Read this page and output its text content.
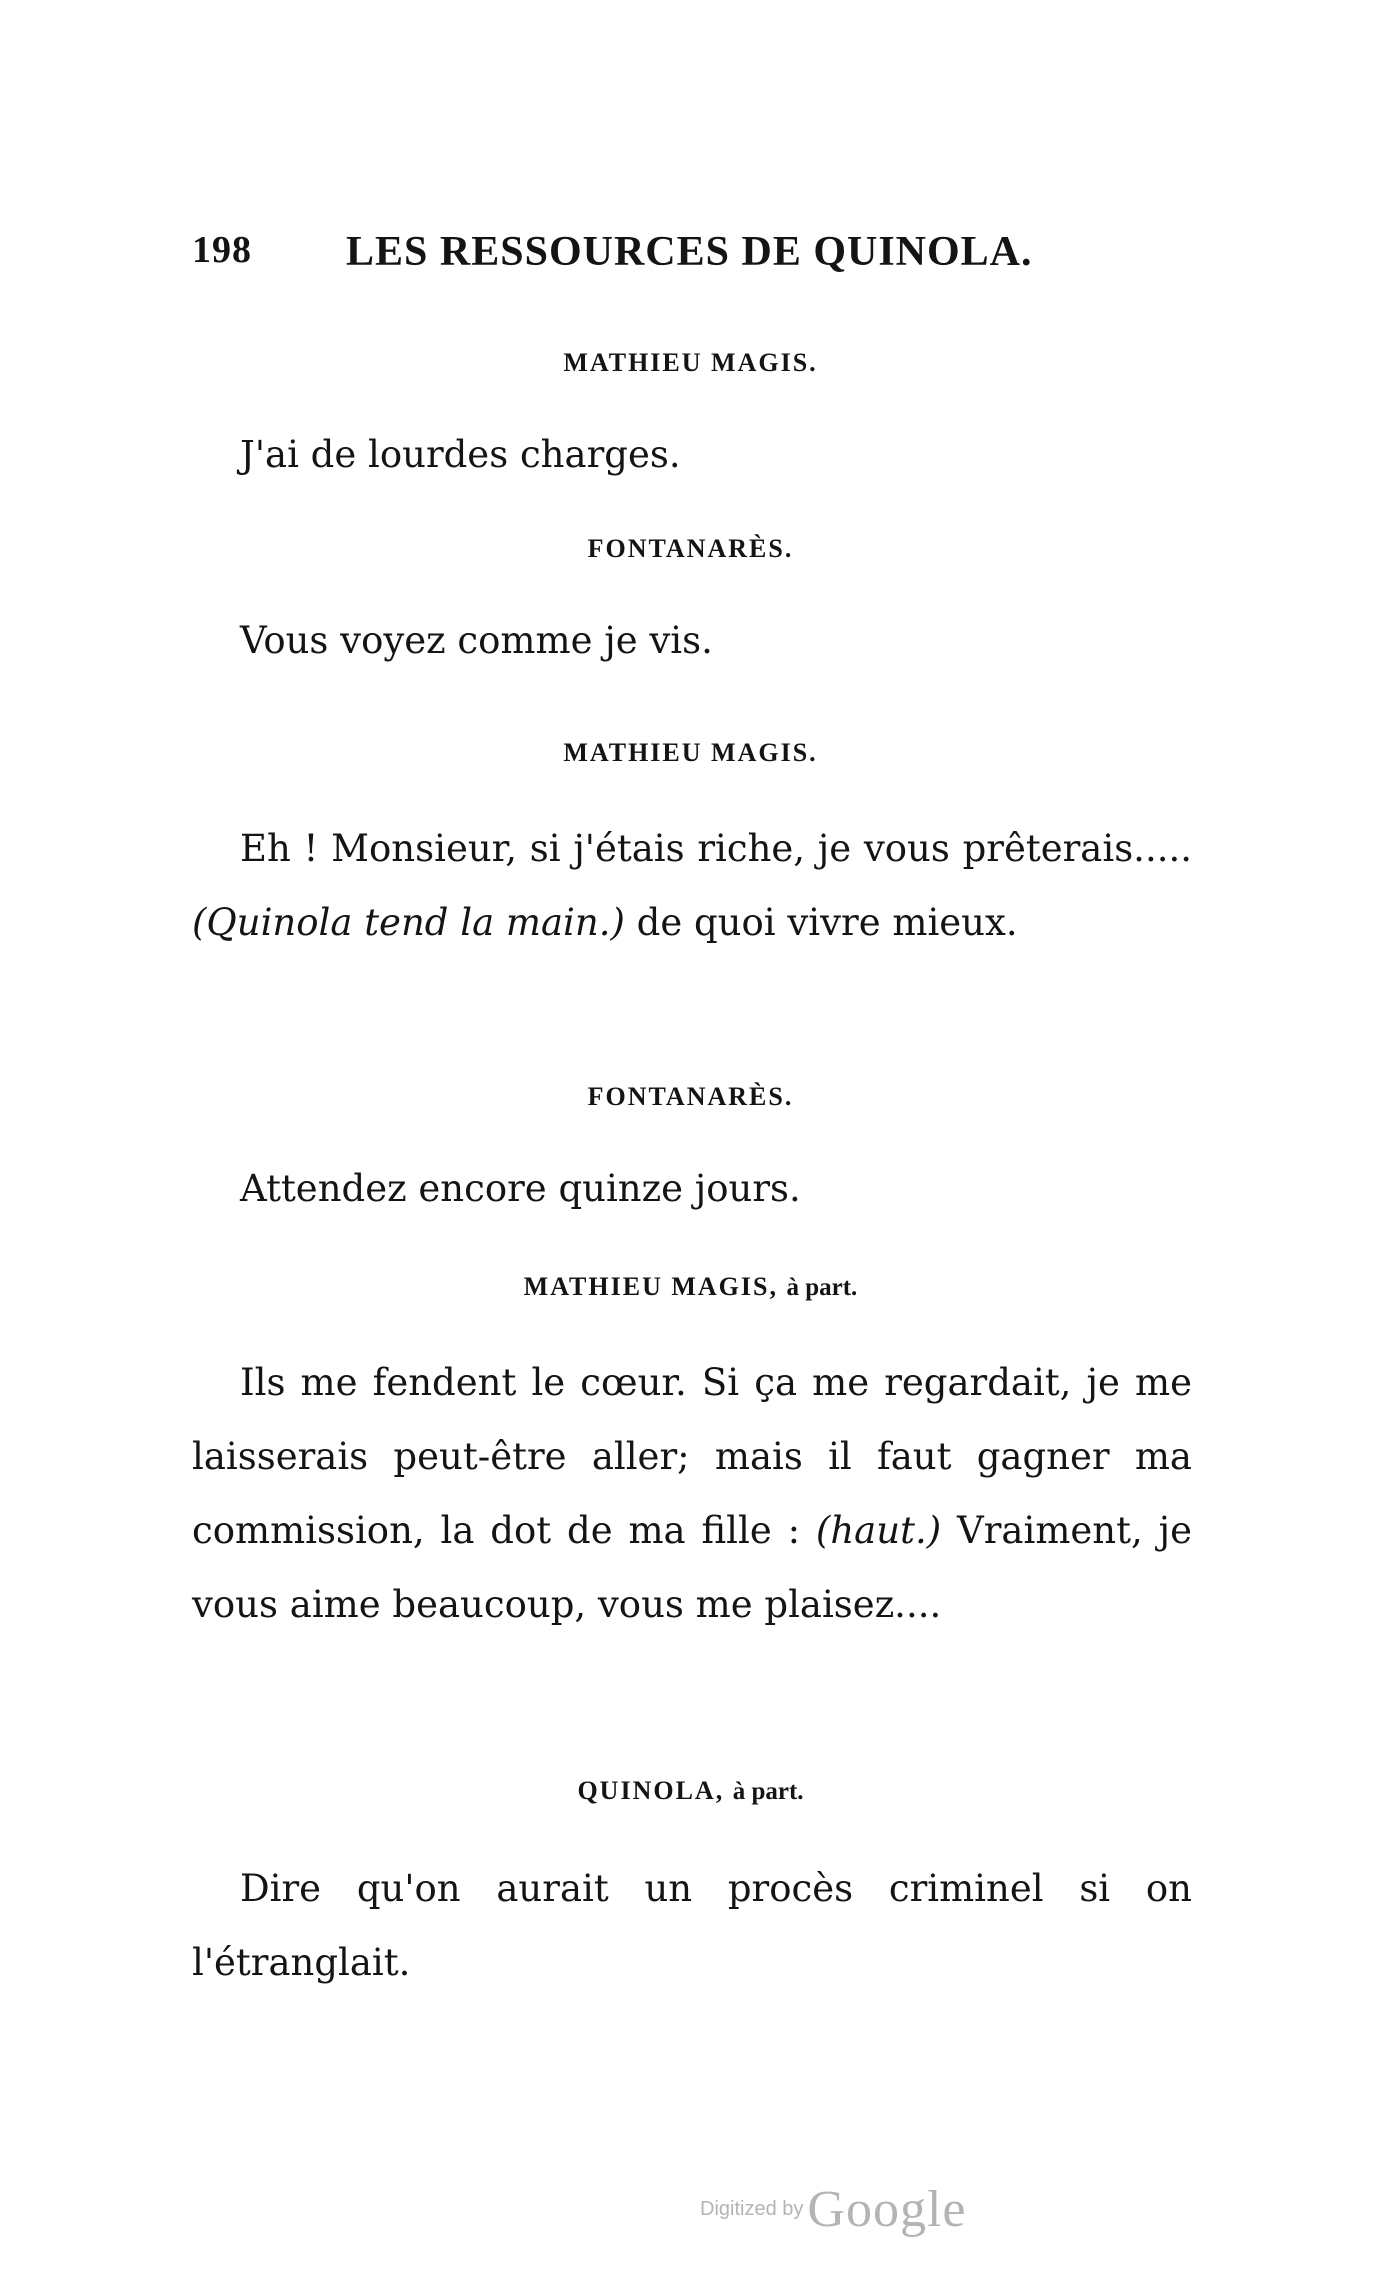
198 LES RESSOURCES DE QUINOLA.
MATHIEU MAGIS.

J'ai de lourdes charges.

FONTANARÈS.

Vous voyez comme je vis.

MATHIEU MAGIS.

Eh ! Monsieur, si j'étais riche, je vous prêterais..... (Quinola tend la main.) de quoi vivre mieux.

FONTANARÈS.

Attendez encore quinze jours.

MATHIEU MAGIS, à part.

Ils me fendent le cœur. Si ça me regardait, je me laisserais peut-être aller; mais il faut gagner ma commission, la dot de ma fille : (haut.) Vraiment, je vous aime beaucoup, vous me plaisez....

QUINOLA, à part.

Dire qu'on aurait un procès criminel si on l'étranglait.

Digitized by Google
